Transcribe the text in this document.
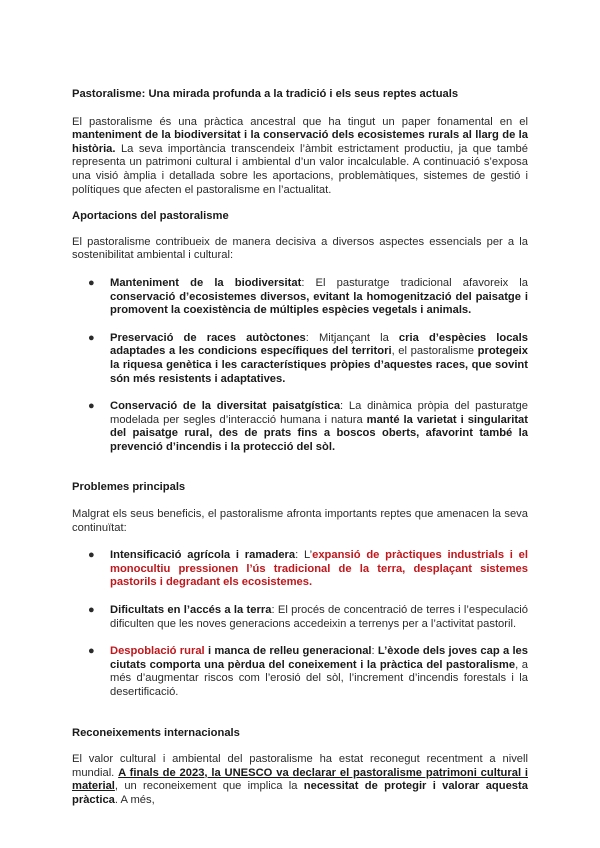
Pastoralisme: Una mirada profunda a la tradició i els seus reptes actuals

El pastoralisme és una pràctica ancestral que ha tingut un paper fonamental en el manteniment de la biodiversitat i la conservació dels ecosistemes rurals al llarg de la història. La seva importància transcendeix l’àmbit estrictament productiu, ja que també representa un patrimoni cultural i ambiental d’un valor incalculable. A continuació s’exposa una visió àmplia i detallada sobre les aportacions, problemàtiques, sistemes de gestió i polítiques que afecten el pastoralisme en l’actualitat.

Aportacions del pastoralisme

El pastoralisme contribueix de manera decisiva a diversos aspectes essencials per a la sostenibilitat ambiental i cultural:

● Manteniment de la biodiversitat: El pasturatge tradicional afavoreix la conservació d’ecosistemes diversos, evitant la homogenització del paisatge i promovent la coexistència de múltiples espècies vegetals i animals.
● Preservació de races autòctones: Mitjançant la cria d’espècies locals adaptades a les condicions específiques del territori, el pastoralisme protegeix la riquesa genètica i les característiques pròpies d’aquestes races, que sovint són més resistents i adaptatives.
● Conservació de la diversitat paisatgística: La dinàmica pròpia del pasturatge modelada per segles d’interacció humana i natura manté la varietat i singularitat del paisatge rural, des de prats fins a boscos oberts, afavorint també la prevenció d’incendis i la protecció del sòl.
Problemes principals

Malgrat els seus beneficis, el pastoralisme afronta importants reptes que amenacen la seva continuïtat:

● Intensificació agrícola i ramadera: L’expansió de pràctiques industrials i el monocultiu pressionen l’ús tradicional de la terra, desplaçant sistemes pastorils i degradant els ecosistemes.
● Dificultats en l’accés a la terra: El procés de concentració de terres i l’especulació dificulten que les noves generacions accedeixin a terrenys per a l’activitat pastoril.
● Despoblació rural i manca de relleu generacional: L’èxode dels joves cap a les ciutats comporta una pèrdua del coneixement i la pràctica del pastoralisme, a més d’augmentar riscos com l’erosió del sòl, l’increment d’incendis forestals i la desertificació.
Reconeixements internacionals

El valor cultural i ambiental del pastoralisme ha estat reconegut recentment a nivell mundial. A finals de 2023, la UNESCO va declarar el pastoralisme patrimoni cultural i material, un reconeixement que implica la necessitat de protegir i valorar aquesta pràctica. A més,
